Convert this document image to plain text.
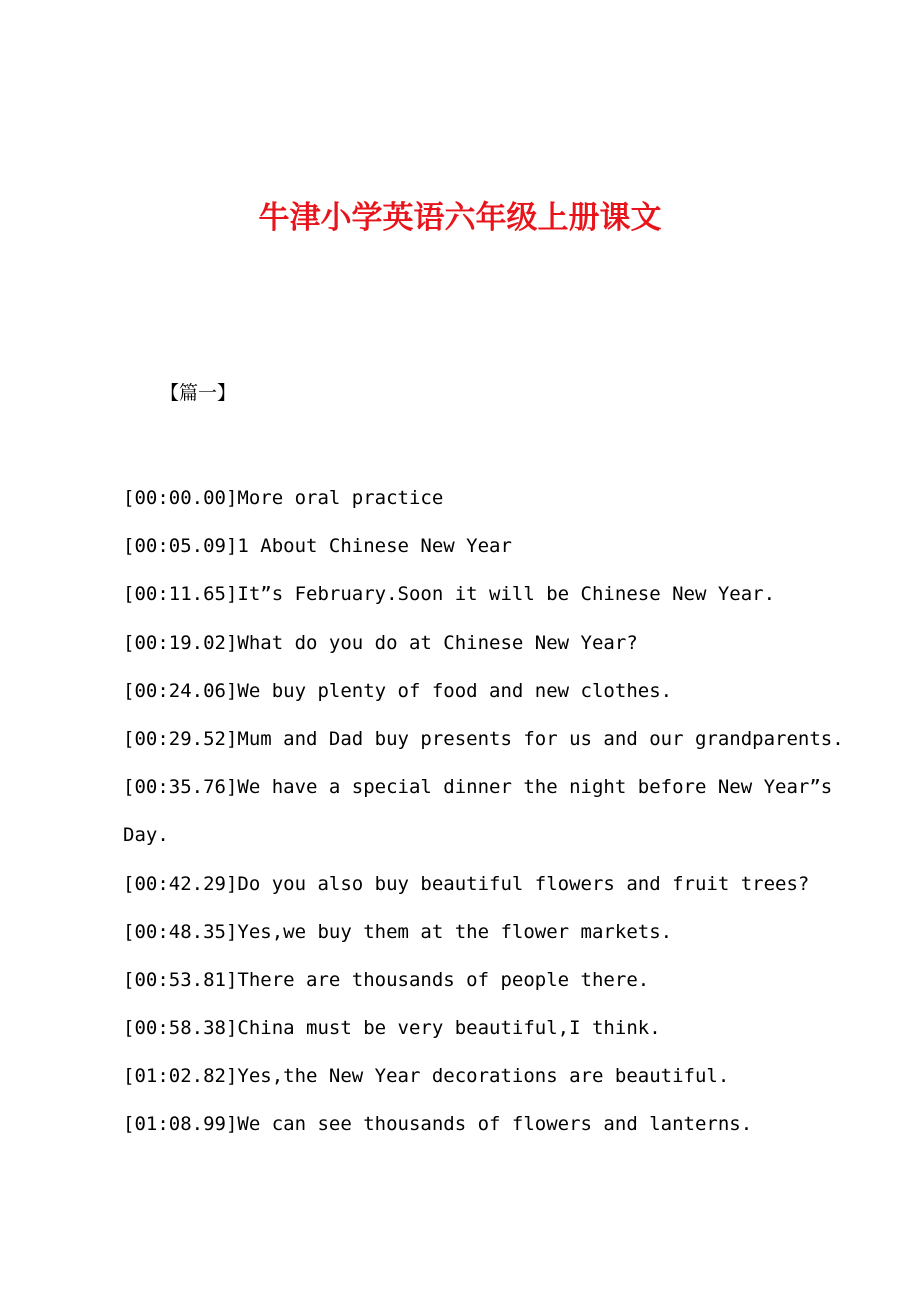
牛津小学英语六年级上册课文
【篇一】
[00:00.00]More oral practice
[00:05.09]1 About Chinese New Year
[00:11.65]It”s February.Soon it will be Chinese New Year.
[00:19.02]What do you do at Chinese New Year?
[00:24.06]We buy plenty of food and new clothes.
[00:29.52]Mum and Dad buy presents for us and our grandparents.
[00:35.76]We have a special dinner the night before New Year”s
Day.
[00:42.29]Do you also buy beautiful flowers and fruit trees?
[00:48.35]Yes,we buy them at the flower markets.
[00:53.81]There are thousands of people there.
[00:58.38]China must be very beautiful,I think.
[01:02.82]Yes,the New Year decorations are beautiful.
[01:08.99]We can see thousands of flowers and lanterns.
